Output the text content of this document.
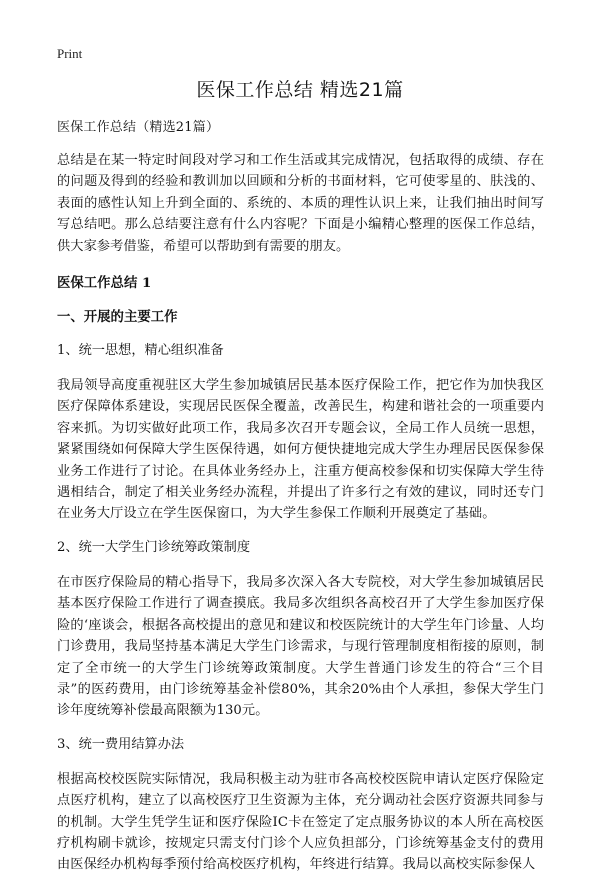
Print
医保工作总结 精选21篇

医保工作总结（精选21篇）

总结是在某一特定时间段对学习和工作生活或其完成情况，包括取得的成绩、存在的问题及得到的经验和教训加以回顾和分析的书面材料，它可使零星的、肤浅的、表面的感性认知上升到全面的、系统的、本质的理性认识上来，让我们抽出时间写写总结吧。那么总结要注意有什么内容呢？下面是小编精心整理的医保工作总结，供大家参考借鉴，希望可以帮助到有需要的朋友。

医保工作总结 1

一、开展的主要工作

1、统一思想，精心组织准备

我局领导高度重视驻区大学生参加城镇居民基本医疗保险工作，把它作为加快我区医疗保障体系建设，实现居民医保全覆盖，改善民生，构建和谐社会的一项重要内容来抓。为切实做好此项工作，我局多次召开专题会议，全局工作人员统一思想，紧紧围绕如何保障大学生医保待遇，如何方便快捷地完成大学生办理居民医保参保业务工作进行了讨论。在具体业务经办上，注重方便高校参保和切实保障大学生待遇相结合，制定了相关业务经办流程，并提出了许多行之有效的建议，同时还专门在业务大厅设立在学生医保窗口，为大学生参保工作顺利开展奠定了基础。

2、统一大学生门诊统筹政策制度

在市医疗保险局的精心指导下，我局多次深入各大专院校，对大学生参加城镇居民基本医疗保险工作进行了调查摸底。我局多次组织各高校召开了大学生参加医疗保险的‘座谈会，根据各高校提出的意见和建议和校医院统计的大学生年门诊量、人均门诊费用，我局坚持基本满足大学生门诊需求，与现行管理制度相衔接的原则，制定了全市统一的大学生门诊统筹政策制度。大学生普通门诊发生的符合“三个目录”的医药费用，由门诊统筹基金补偿80%，其余20%由个人承担，参保大学生门诊年度统筹补偿最高限额为130元。

3、统一费用结算办法

根据高校校医院实际情况，我局积极主动为驻市各高校校医院申请认定医疗保险定点医疗机构，建立了以高校医疗卫生资源为主体，充分调动社会医疗资源共同参与的机制。大学生凭学生证和医疗保险IC卡在签定了定点服务协议的本人所在高校医疗机构刷卡就诊，按规定只需支付门诊个人应负担部分，门诊统筹基金支付的费用由医保经办机构每季预付给高校医疗机构，年终进行结算。我局以高校实际参保人
